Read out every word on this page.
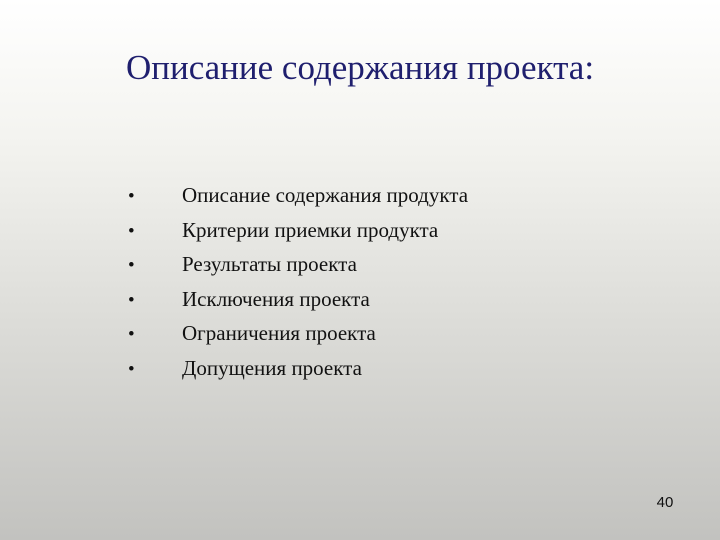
Описание содержания проекта:
•	Описание содержания продукта
•	Критерии приемки продукта
•	Результаты проекта
•	Исключения проекта
•	Ограничения проекта
•	Допущения проекта
40
